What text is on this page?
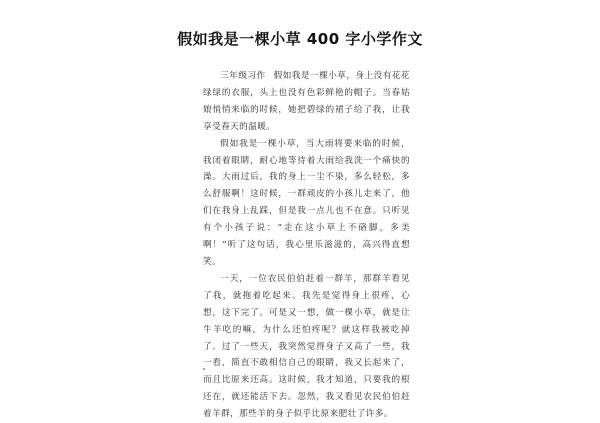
假如我是一棵小草 400 字小学作文

三年级习作 假如我是一棵小草，身上没有花花绿绿的衣服，头上也没有色彩鲜艳的帽子。当春姑娘悄悄来临的时候，她把碧绿的裙子给了我，让我享受春天的温暖。

假如我是一棵小草，当大雨将要来临的时候，我闭着眼睛，耐心地等待着大雨给我洗一个痛快的澡。大雨过后，我的身上一尘不染，多么轻松，多么舒服啊！这时候，一群顽皮的小孩儿走来了，他们在我身上乱踩，但是我一点儿也不在意。只听见有个小孩子说：“走在这小草上不硌脚，多美啊！”听了这句话，我心里乐滋滋的，高兴得直想笑。

一天，一位农民伯伯赶着一群羊，那群羊看见了我，就拖着吃起来。我先是觉得身上很疼，心想，这下完了。可是又一想，做一棵小草，就是让牛羊吃的嘛，为什么还怕疼呢？就这样我被吃掉了。过了一些天，我突然觉得身子又高了一些，我一看，简直不敢相信自己的眼睛，我又长起来了，而且比原来还高。这时候，我才知道，只要我的根还在，就还能活下去。忽然，我又看见农民伯伯赶着羊群，那些羊的身子似乎比原来肥壮了许多。
